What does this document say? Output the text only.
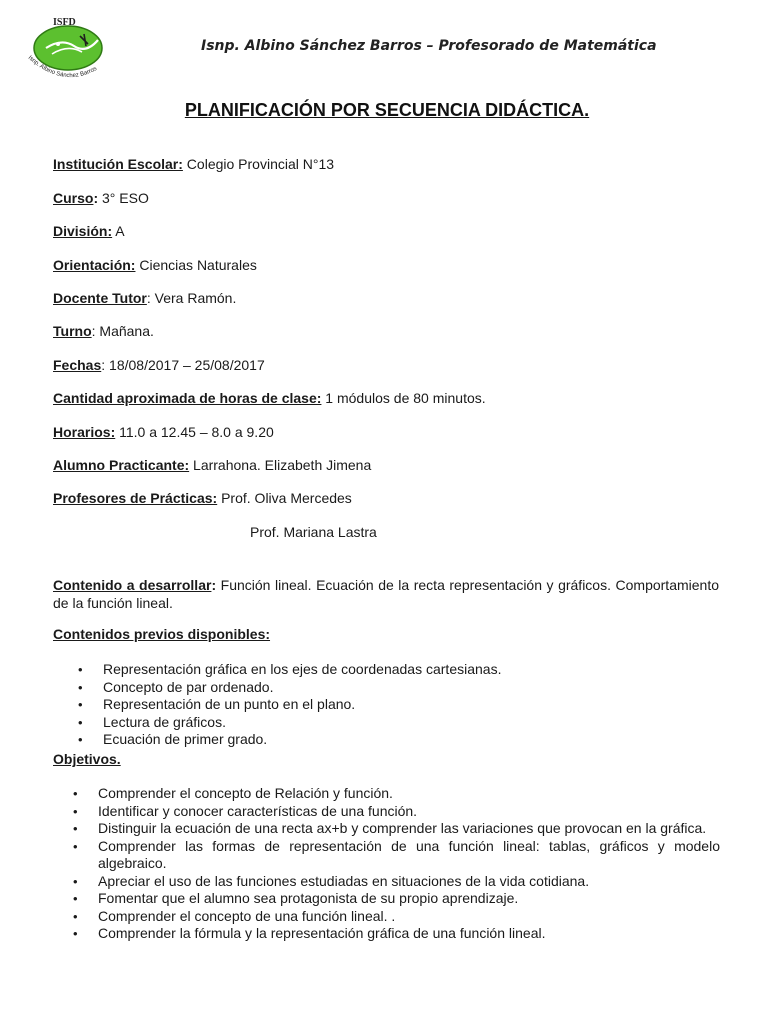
ISFD
Isnp. Albino Sánchez Barros
Isnp. Albino Sánchez Barros – Profesorado de Matemática
PLANIFICACIÓN POR SECUENCIA DIDÁCTICA.
Institución Escolar: Colegio Provincial N°13
Curso: 3° ESO
División: A
Orientación: Ciencias Naturales
Docente Tutor: Vera Ramón.
Turno: Mañana.
Fechas: 18/08/2017 – 25/08/2017
Cantidad aproximada de horas de clase: 1 módulos de 80 minutos.
Horarios: 11.0 a 12.45 – 8.0 a 9.20
Alumno Practicante: Larrahona. Elizabeth Jimena
Profesores de Prácticas: Prof. Oliva Mercedes
Prof. Mariana Lastra
Contenido a desarrollar: Función lineal. Ecuación de la recta representación y gráficos. Comportamiento de la función lineal.
Contenidos previos disponibles:
• Representación gráfica en los ejes de coordenadas cartesianas.
• Concepto de par ordenado.
• Representación de un punto en el plano.
• Lectura de gráficos.
• Ecuación de primer grado.
Objetivos.
• Comprender el concepto de Relación y función.
• Identificar y conocer características de una función.
• Distinguir la ecuación de una recta ax+b y comprender las variaciones que provocan en la gráfica.
• Comprender las formas de representación de una función lineal: tablas, gráficos y modelo algebraico.
• Apreciar el uso de las funciones estudiadas en situaciones de la vida cotidiana.
• Fomentar que el alumno sea protagonista de su propio aprendizaje.
• Comprender el concepto de una función lineal. .
• Comprender la fórmula y la representación gráfica de una función lineal.
